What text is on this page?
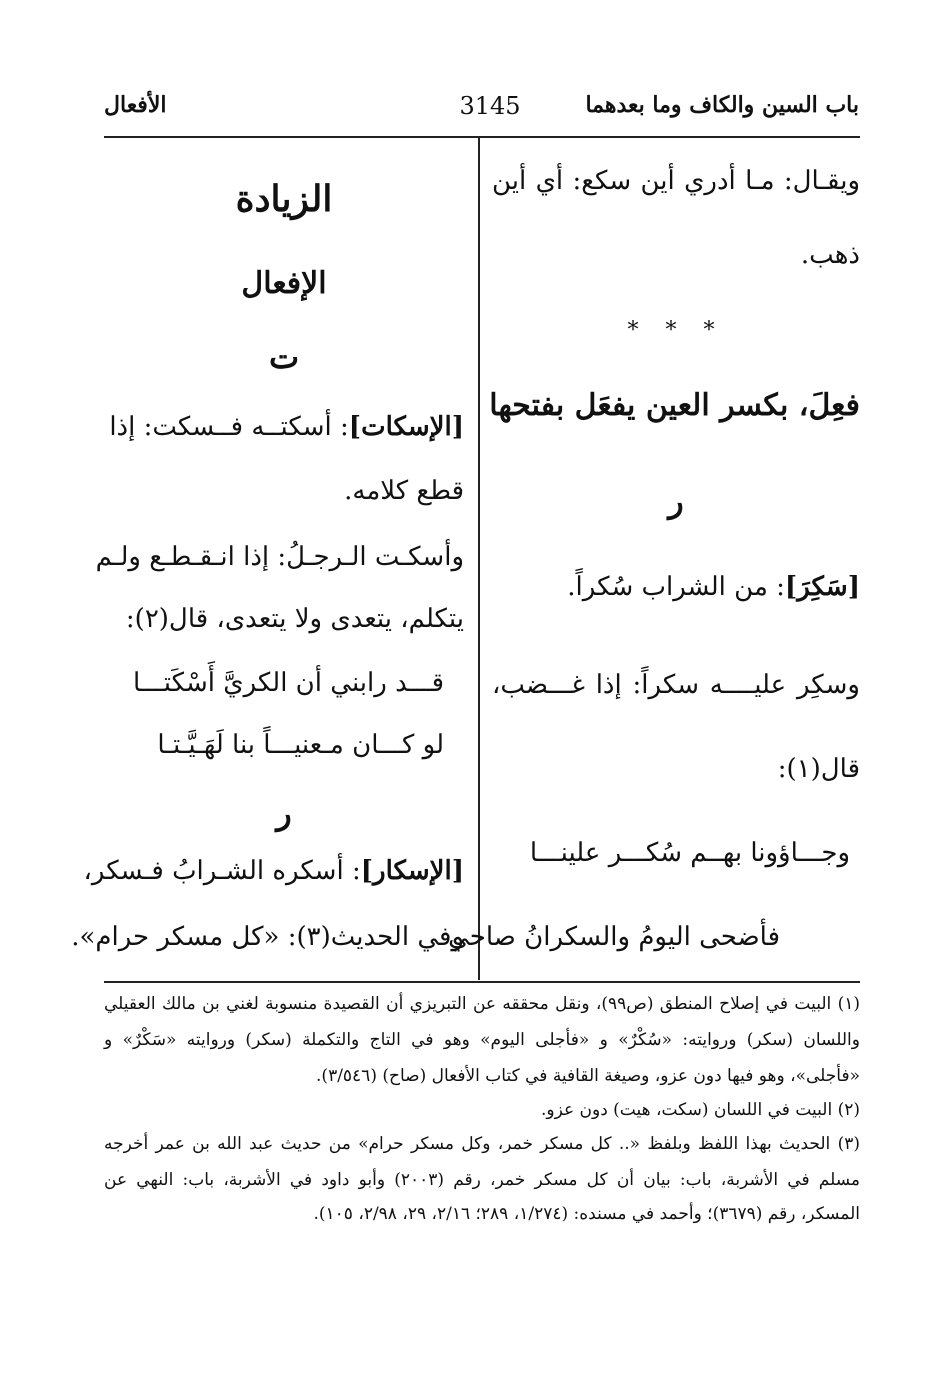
باب السين والكاف وما بعدهما
3145
الأفعال
ويقـال: مـا أدري أين سكع: أي أين
ذهب.
* * *
فعِلَ، بكسر العين يفعَل بفتحها
ر
[سَكِرَ]: من الشراب سُكراً.
وسكِر عليــــه سكراً: إذا غـــضب،
قال(١):
وجـــاؤونا بهــم سُكـــر علينـــا
فأضحى اليومُ والسكرانُ صاحي
الزيادة
الإفعال
ت
[الإسكات]: أسكتــه فــسكت: إذا
قطع كلامه.
وأسكـت الـرجـلُ: إذا انـقـطـع ولـم
يتكلم، يتعدى ولا يتعدى، قال(٢):
قـــد رابني أن الكريَّ أَسْكَتـــا
لو كـــان مـعنيـــاً بنا لَهَـيَّـتـا
ر
[الإسكار]: أسكره الشـرابُ فـسكر،
وفي الحديث(٣): «كل مسكر حرام».
(١) البيت في إصلاح المنطق (ص٩٩)، ونقل محققه عن التبريزي أن القصيدة منسوبة لغني بن مالك العقيلي
واللسان (سكر) وروايته: «سُكْرٌ» و «فأجلى اليوم» وهو في التاج والتكملة (سكر) وروايته «سَكْرٌ» و
«فأجلى»، وهو فيها دون عزو، وصيغة القافية في كتاب الأفعال (صاح) (٣/٥٤٦).
(٢) البيت في اللسان (سكت، هيت) دون عزو.
(٣) الحديث بهذا اللفظ وبلفظ «.. كل مسكر خمر، وكل مسكر حرام» من حديث عبد الله بن عمر أخرجه
مسلم في الأشربة، باب: بيان أن كل مسكر خمر، رقم (٢٠٠٣) وأبو داود في الأشربة، باب: النهي عن
المسكر، رقم (٣٦٧٩)؛ وأحمد في مسنده: (١/٢٧٤، ٢٨٩؛ ٢/١٦، ٢٩، ٢/٩٨، ١٠٥).
